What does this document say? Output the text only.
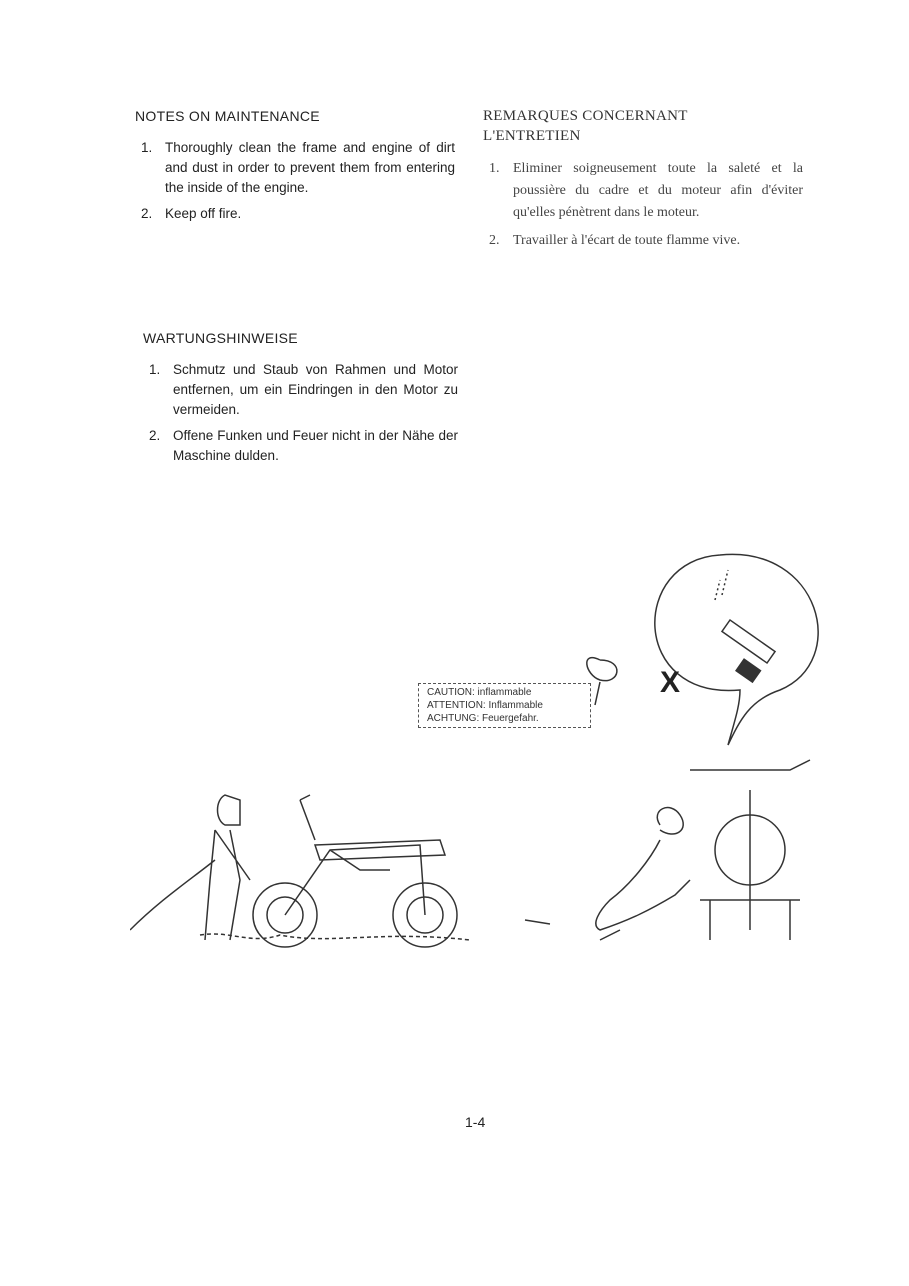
NOTES ON MAINTENANCE
1. Thoroughly clean the frame and engine of dirt and dust in order to prevent them from entering the inside of the engine.
2. Keep off fire.
REMARQUES CONCERNANT
L'ENTRETIEN
1. Eliminer soigneusement toute la saleté et la poussière du cadre et du moteur afin d'éviter qu'elles pénètrent dans le moteur.
2. Travailler à l'écart de toute flamme vive.
WARTUNGSHINWEISE
1. Schmutz und Staub von Rahmen und Motor entfernen, um ein Eindringen in den Motor zu vermeiden.
2. Offene Funken und Feuer nicht in der Nähe der Maschine dulden.
X
CAUTION: inflammable
ATTENTION: Inflammable
ACHTUNG: Feuergefahr.
1-4
